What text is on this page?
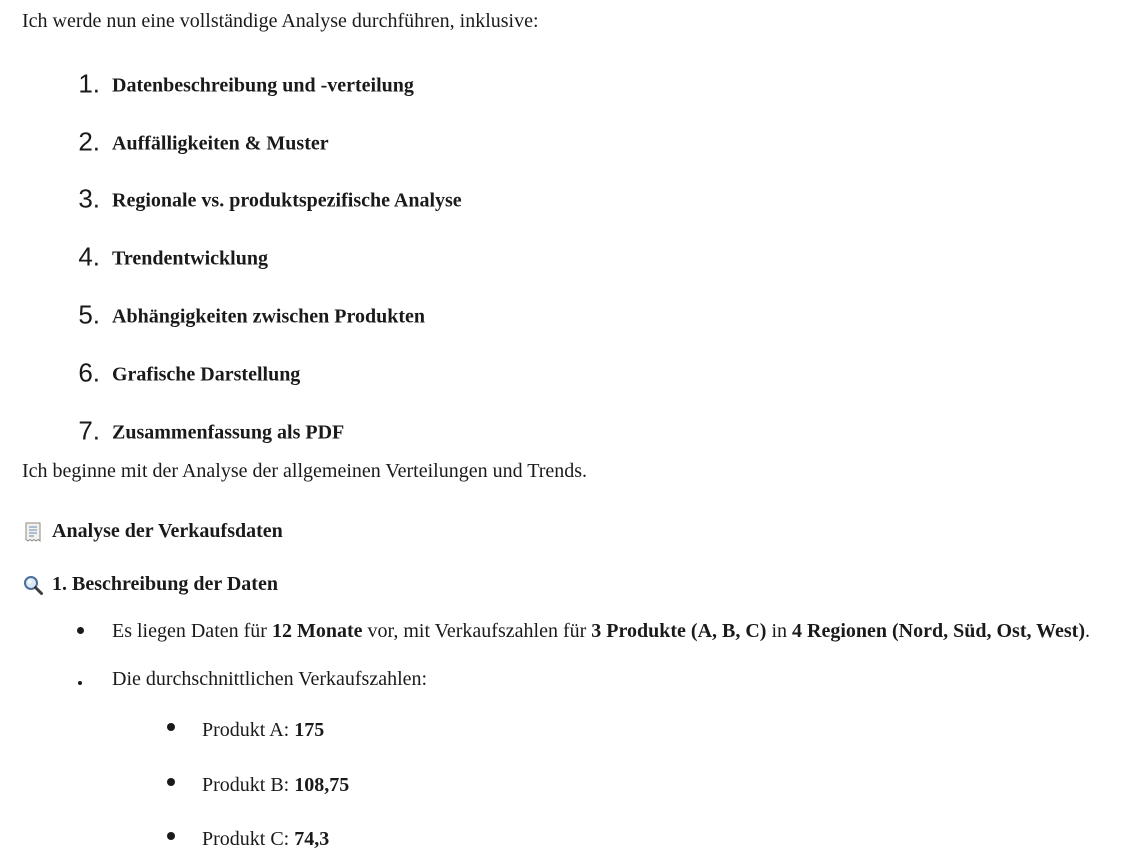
Ich werde nun eine vollständige Analyse durchführen, inklusive:

1. Datenbeschreibung und -verteilung
2. Auffälligkeiten & Muster
3. Regionale vs. produktspezifische Analyse
4. Trendentwicklung
5. Abhängigkeiten zwischen Produkten
6. Grafische Darstellung
7. Zusammenfassung als PDF

Ich beginne mit der Analyse der allgemeinen Verteilungen und Trends.

Analyse der Verkaufsdaten
1. Beschreibung der Daten
Es liegen Daten für 12 Monate vor, mit Verkaufszahlen für 3 Produkte (A, B, C) in 4 Regionen (Nord, Süd, Ost, West).
Die durchschnittlichen Verkaufszahlen:
Produkt A: 175
Produkt B: 108,75
Produkt C: 74,3
